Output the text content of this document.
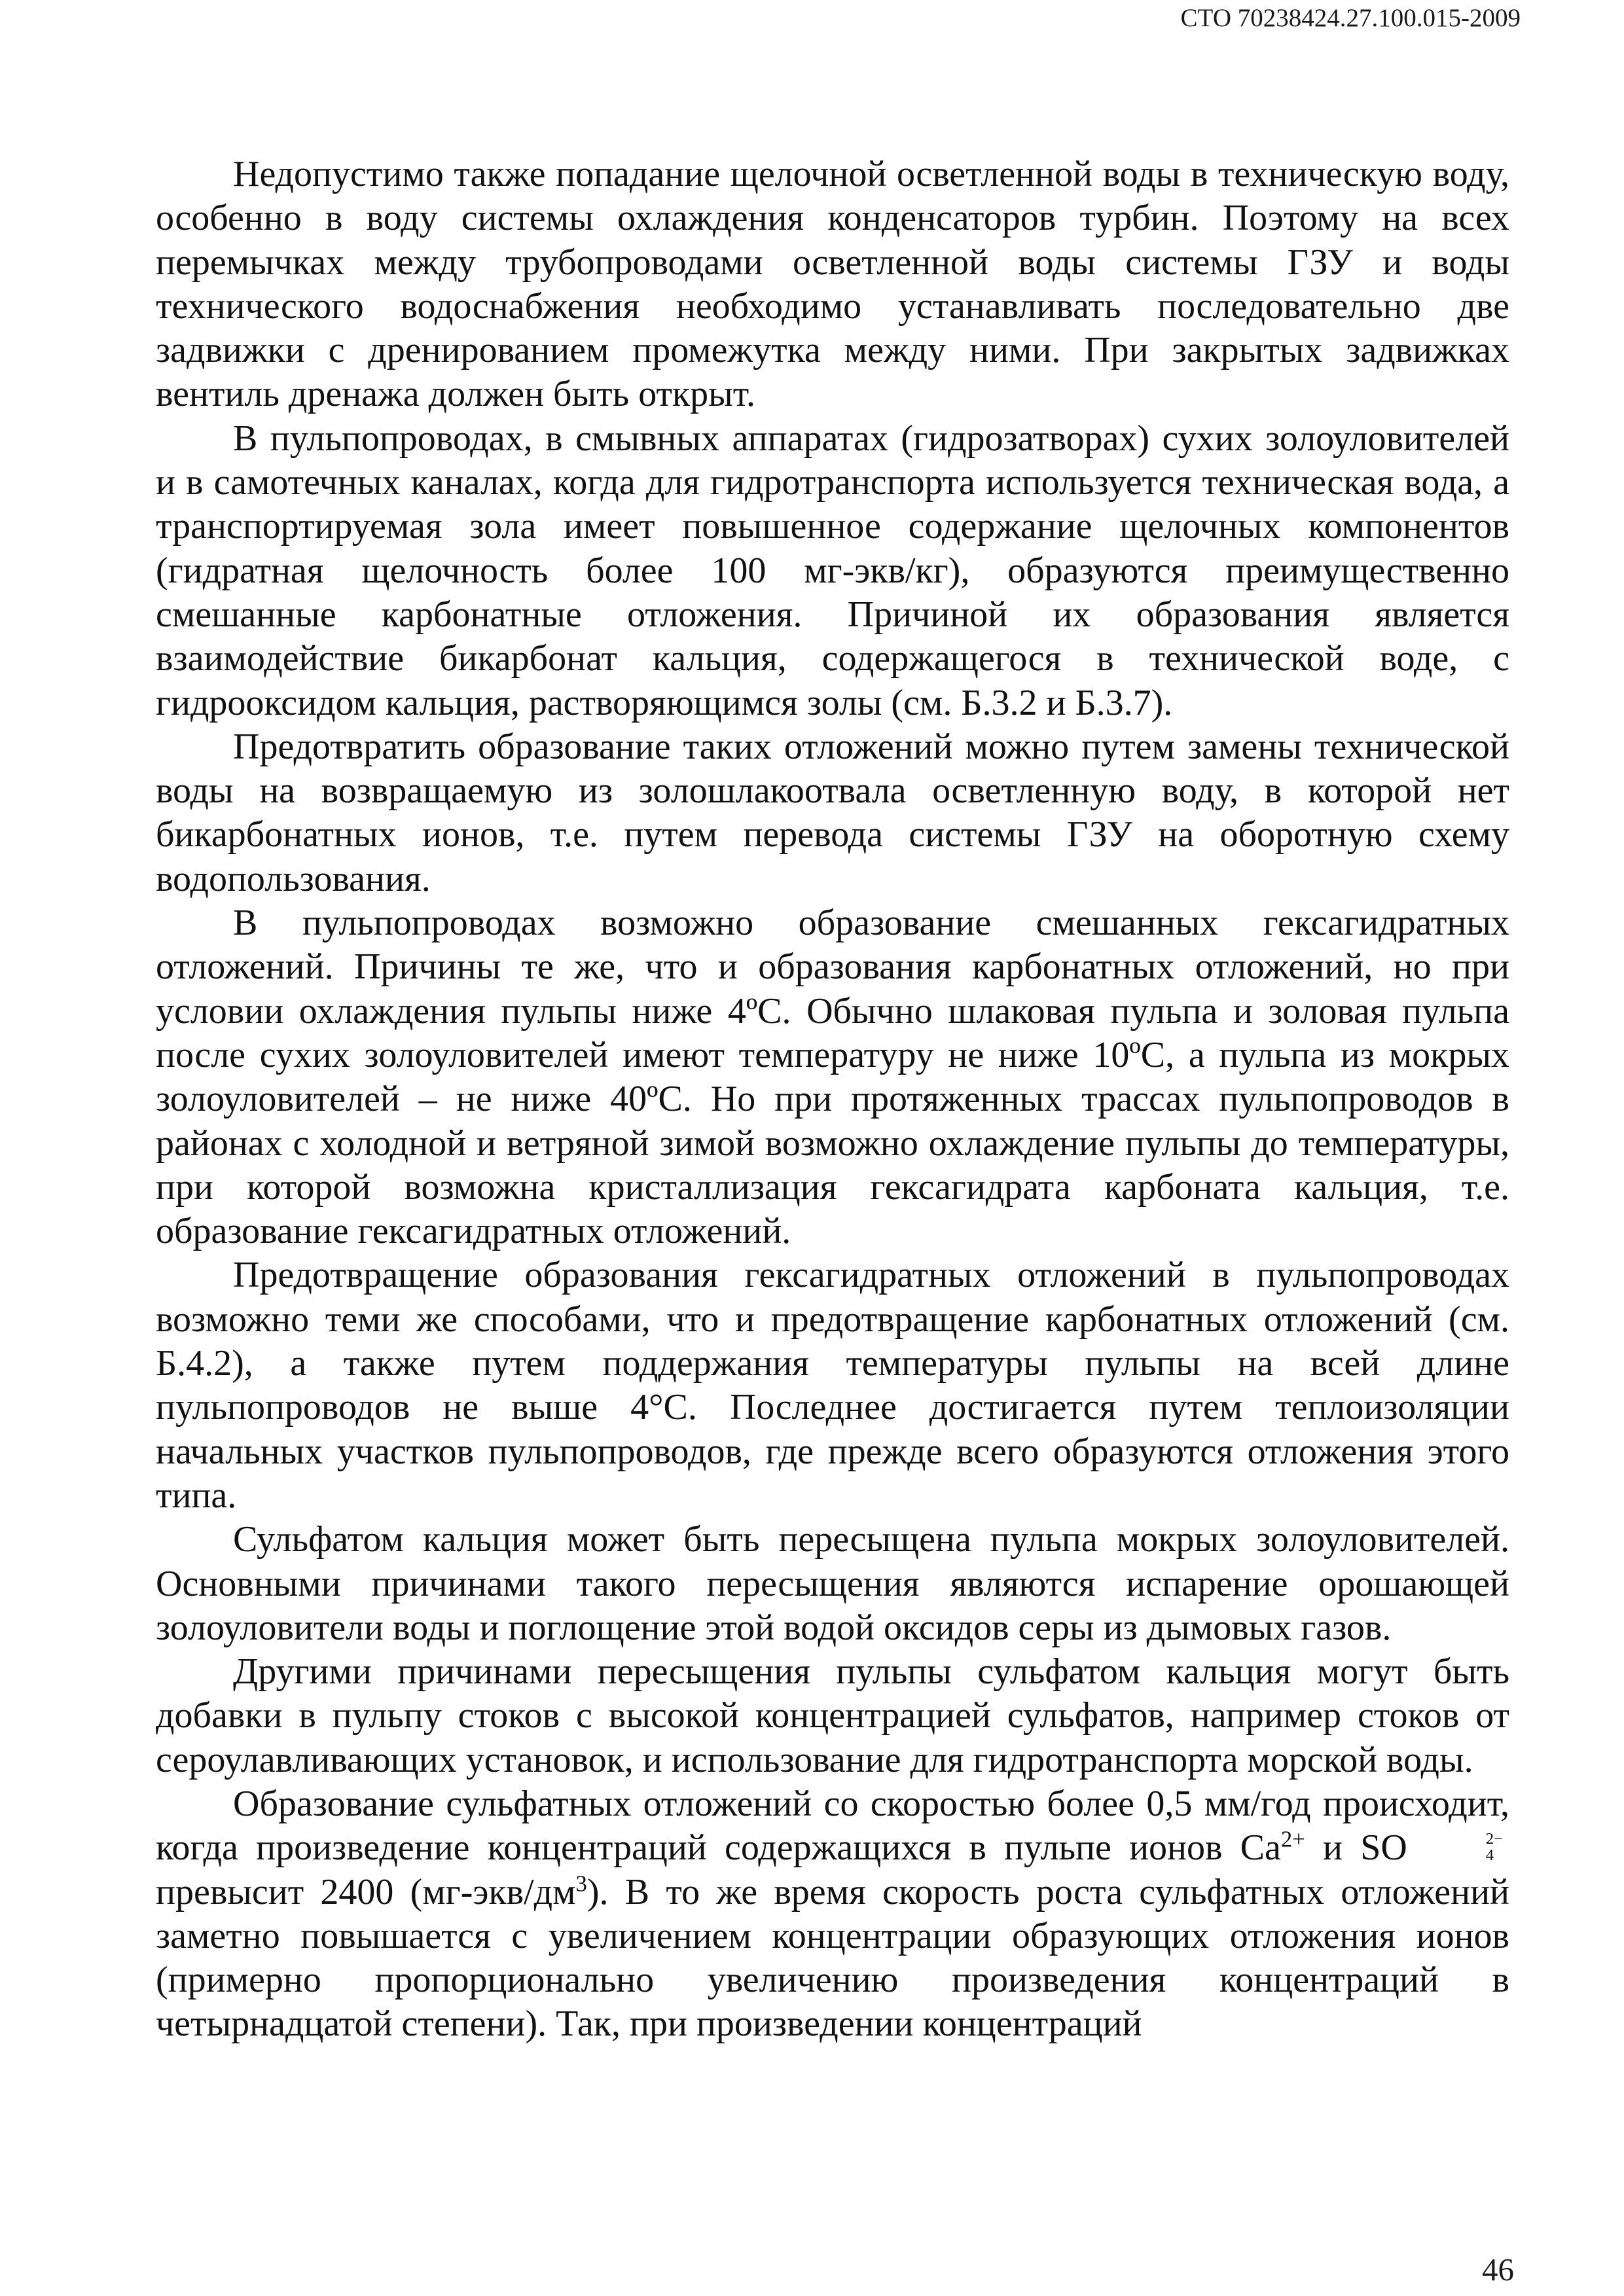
СТО 70238424.27.100.015-2009

Недопустимо также попадание щелочной осветленной воды в техническую воду, особенно в воду системы охлаждения конденсаторов турбин. Поэтому на всех перемычках между трубопроводами осветленной воды системы ГЗУ и воды технического водоснабжения необходимо устанавливать последовательно две задвижки с дренированием промежутка между ними. При закрытых задвижках вентиль дренажа должен быть открыт.

В пульпопроводах, в смывных аппаратах (гидрозатворах) сухих золоуловителей и в самотечных каналах, когда для гидротранспорта используется техническая вода, а транспортируемая зола имеет повышенное содержание щелочных компонентов (гидратная щелочность более 100 мг-экв/кг), образуются преимущественно смешанные карбонатные отложения. Причиной их образования является взаимодействие бикарбонат кальция, содержащегося в технической воде, с гидрооксидом кальция, растворяющимся золы (см. Б.3.2 и Б.3.7).

Предотвратить образование таких отложений можно путем замены технической воды на возвращаемую из золошлакоотвала осветленную воду, в которой нет бикарбонатных ионов, т.е. путем перевода системы ГЗУ на оборотную схему водопользования.

В пульпопроводах возможно образование смешанных гексагидратных отложений. Причины те же, что и образования карбонатных отложений, но при условии охлаждения пульпы ниже 4ºС. Обычно шлаковая пульпа и золовая пульпа после сухих золоуловителей имеют температуру не ниже 10ºС, а пульпа из мокрых золоуловителей – не ниже 40ºС. Но при протяженных трассах пульпопроводов в районах с холодной и ветряной зимой возможно охлаждение пульпы до температуры, при которой возможна кристаллизация гексагидрата карбоната кальция, т.е. образование гексагидратных отложений.

Предотвращение образования гексагидратных отложений в пульпопроводах возможно теми же способами, что и предотвращение карбонатных отложений (см. Б.4.2), а также путем поддержания температуры пульпы на всей длине пульпопроводов не выше 4°С. Последнее достигается путем теплоизоляции начальных участков пульпопроводов, где прежде всего образуются отложения этого типа.

Сульфатом кальция может быть пересыщена пульпа мокрых золоуловителей. Основными причинами такого пересыщения являются испарение орошающей золоуловители воды и поглощение этой водой оксидов серы из дымовых газов.

Другими причинами пересыщения пульпы сульфатом кальция могут быть добавки в пульпу стоков с высокой концентрацией сульфатов, например стоков от сероулавливающих установок, и использование для гидротранспорта морской воды.

Образование сульфатных отложений со скоростью более 0,5 мм/год происходит, когда произведение концентраций содержащихся в пульпе ионов $Ca^{2+}$ и SO	2−
4
превысит 2400 $(мг-экв/дм^3)$. В то же время скорость роста сульфатных отложений заметно повышается с увеличением концентрации образующих отложения ионов (примерно пропорционально увеличению произведения концентраций в четырнадцатой степени). Так, при произведении концентраций

46
